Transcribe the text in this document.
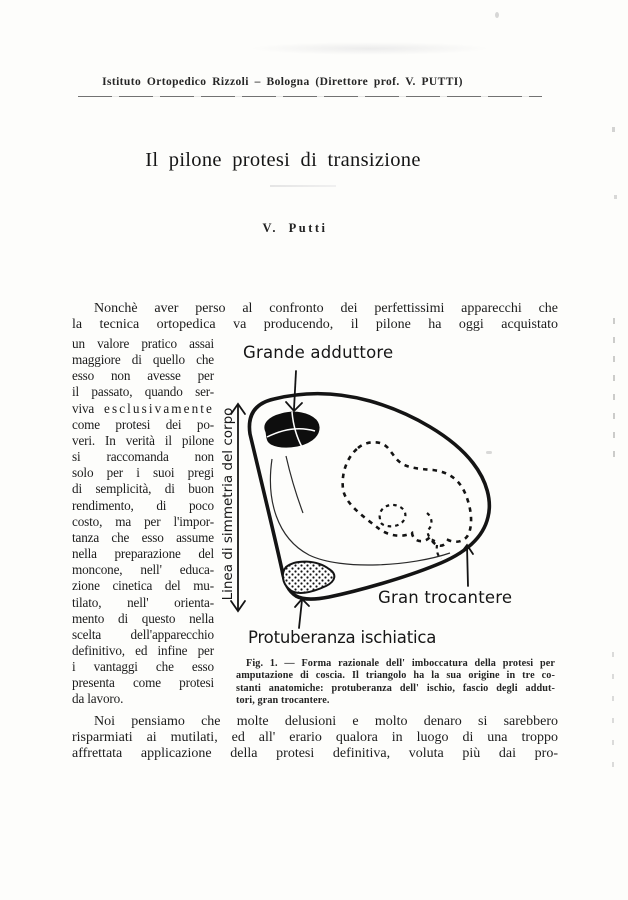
Istituto Ortopedico Rizzoli – Bologna (Direttore prof. V. PUTTI)
Il pilone protesi di transizione
V. Putti
Nonchè aver perso al confronto dei perfettissimi apparecchi che
la tecnica ortopedica va producendo, il pilone ha oggi acquistato
un valore pratico assai
maggiore di quello che
esso non avesse per
il passato, quando ser-
viva esclusivamente
come protesi dei po-
veri. In verità il pilone
si raccomanda non
solo per i suoi pregi
di semplicità, di buon
rendimento, di poco
costo, ma per l'impor-
tanza che esso assume
nella preparazione del
moncone, nell' educa-
zione cinetica del mu-
tilato, nell' orienta-
mento di questo nella
scelta dell'apparecchio
definitivo, ed infine per
i vantaggi che esso
presenta come protesi
da lavoro.
Grande adduttore
Linea di simmetria del corpo	Gran trocantere
Protuberanza ischiatica
Fig. 1. — Forma razionale dell' imboccatura della protesi per
amputazione di coscia. Il triangolo ha la sua origine in tre co-
stanti anatomiche: protuberanza dell' ischio, fascio degli addut-
tori, gran trocantere.
Noi pensiamo che molte delusioni e molto denaro si sarebbero
risparmiati ai mutilati, ed all' erario qualora in luogo di una troppo
affrettata applicazione della protesi definitiva, voluta più dai pro-
